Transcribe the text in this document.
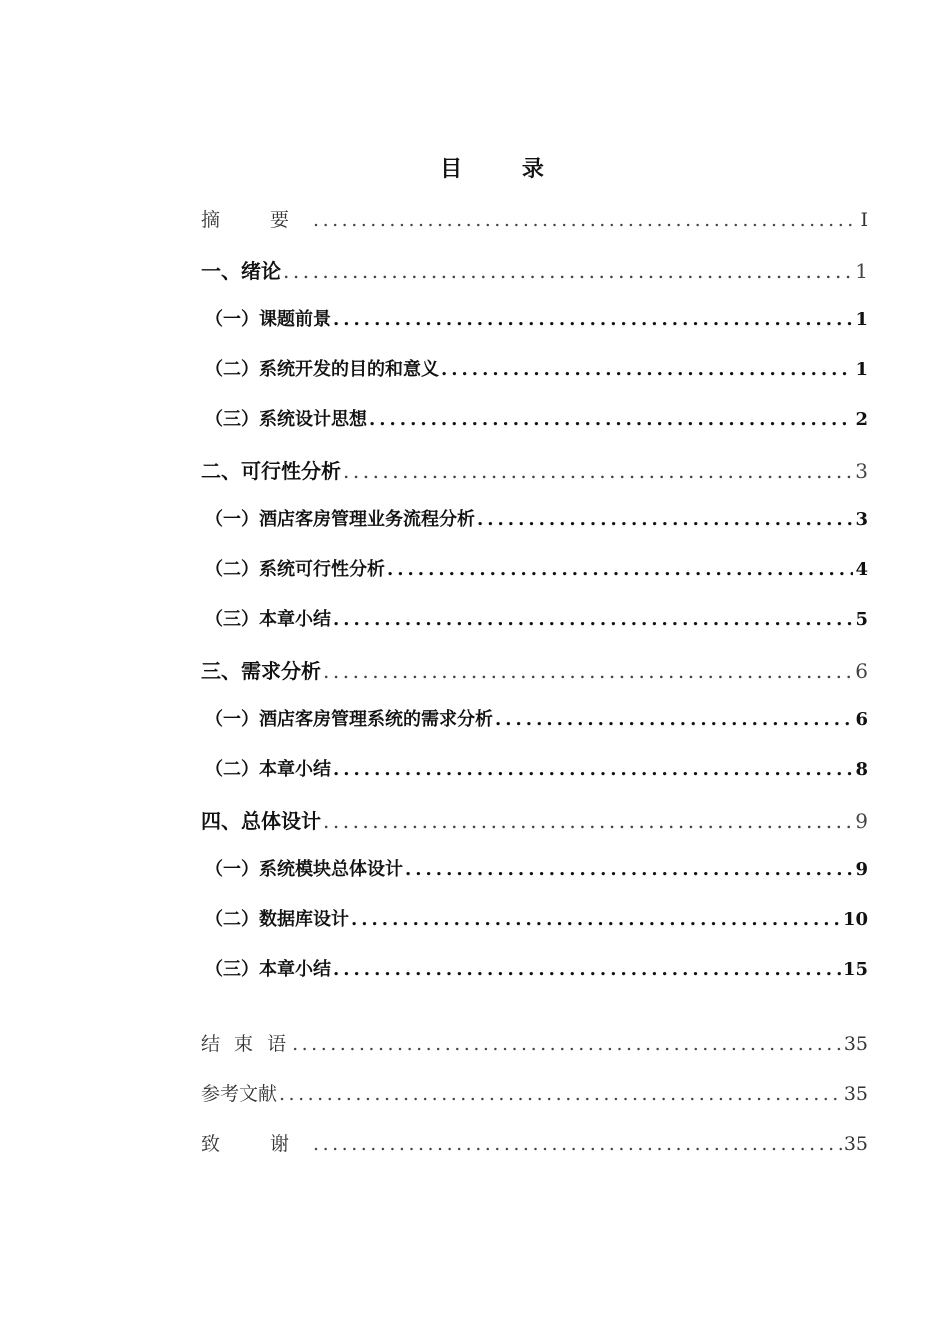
目 录
摘 要 .....	I
一、绪论 .....	1
（一）课题前景 .....	1
（二）系统开发的目的和意义 .....	1
（三）系统设计思想 .....	2
二、可行性分析 .....	3
（一）酒店客房管理业务流程分析 .....	3
（二）系统可行性分析 .....	4
（三）本章小结 .....	5
三、需求分析 .....	6
（一）酒店客房管理系统的需求分析 .....	6
（二）本章小结 .....	8
四、总体设计 .....	9
（一）系统模块总体设计 .....	9
（二）数据库设计 .....	10
（三）本章小结 .....	15
结 束 语 .....	35
参考文献 .....	35
致 谢 .....	35
